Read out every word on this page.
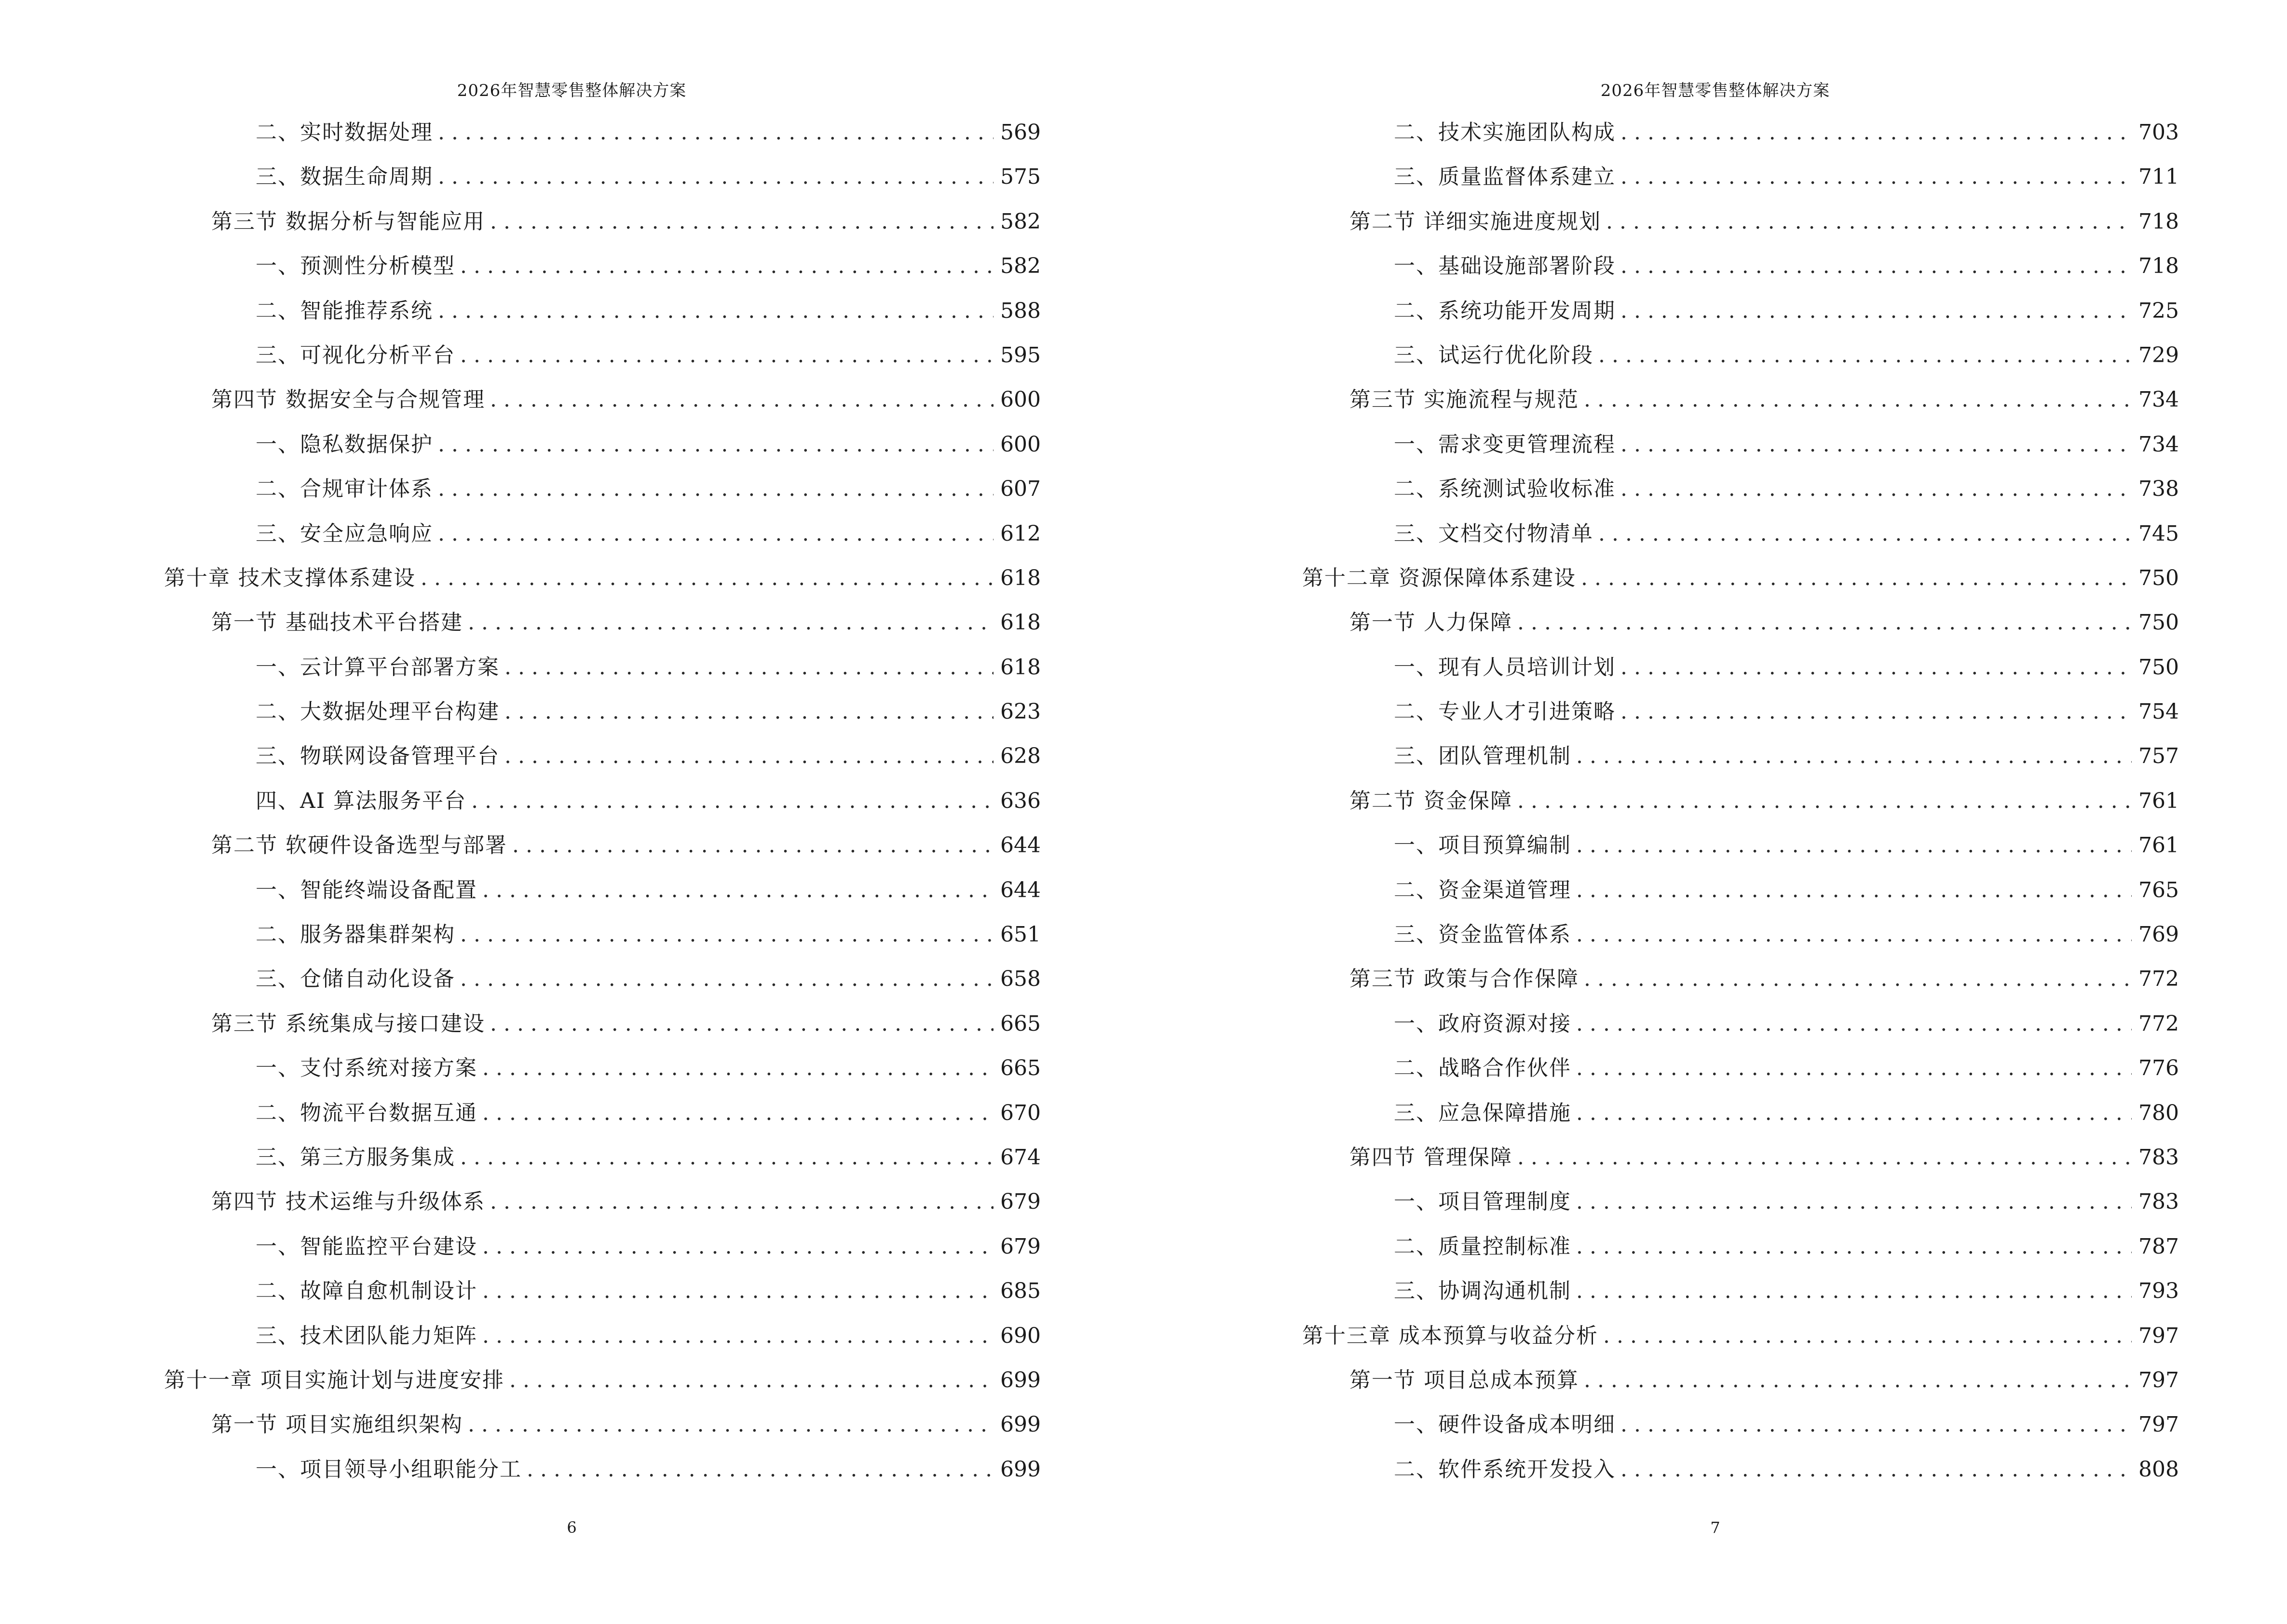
2026年智慧零售整体解决方案
二、实时数据处理 . . .	569
三、数据生命周期 . . .	575
第三节 数据分析与智能应用 . . .	582
一、预测性分析模型 . . .	582
二、智能推荐系统 . . .	588
三、可视化分析平台 . . .	595
第四节 数据安全与合规管理 . . .	600
一、隐私数据保护 . . .	600
二、合规审计体系 . . .	607
三、安全应急响应 . . .	612
第十章 技术支撑体系建设 . . .	618
第一节 基础技术平台搭建 . . .	618
一、云计算平台部署方案 . . .	618
二、大数据处理平台构建 . . .	623
三、物联网设备管理平台 . . .	628
四、AI 算法服务平台 . . .	636
第二节 软硬件设备选型与部署 . . .	644
一、智能终端设备配置 . . .	644
二、服务器集群架构 . . .	651
三、仓储自动化设备 . . .	658
第三节 系统集成与接口建设 . . .	665
一、支付系统对接方案 . . .	665
二、物流平台数据互通 . . .	670
三、第三方服务集成 . . .	674
第四节 技术运维与升级体系 . . .	679
一、智能监控平台建设 . . .	679
二、故障自愈机制设计 . . .	685
三、技术团队能力矩阵 . . .	690
第十一章 项目实施计划与进度安排 . . .	699
第一节 项目实施组织架构 . . .	699
一、项目领导小组职能分工 . . .	699
6
2026年智慧零售整体解决方案
二、技术实施团队构成 . . .	703
三、质量监督体系建立 . . .	711
第二节 详细实施进度规划 . . .	718
一、基础设施部署阶段 . . .	718
二、系统功能开发周期 . . .	725
三、试运行优化阶段 . . .	729
第三节 实施流程与规范 . . .	734
一、需求变更管理流程 . . .	734
二、系统测试验收标准 . . .	738
三、文档交付物清单 . . .	745
第十二章 资源保障体系建设 . . .	750
第一节 人力保障 . . .	750
一、现有人员培训计划 . . .	750
二、专业人才引进策略 . . .	754
三、团队管理机制 . . .	757
第二节 资金保障 . . .	761
一、项目预算编制 . . .	761
二、资金渠道管理 . . .	765
三、资金监管体系 . . .	769
第三节 政策与合作保障 . . .	772
一、政府资源对接 . . .	772
二、战略合作伙伴 . . .	776
三、应急保障措施 . . .	780
第四节 管理保障 . . .	783
一、项目管理制度 . . .	783
二、质量控制标准 . . .	787
三、协调沟通机制 . . .	793
第十三章 成本预算与收益分析 . . .	797
第一节 项目总成本预算 . . .	797
一、硬件设备成本明细 . . .	797
二、软件系统开发投入 . . .	808
7
